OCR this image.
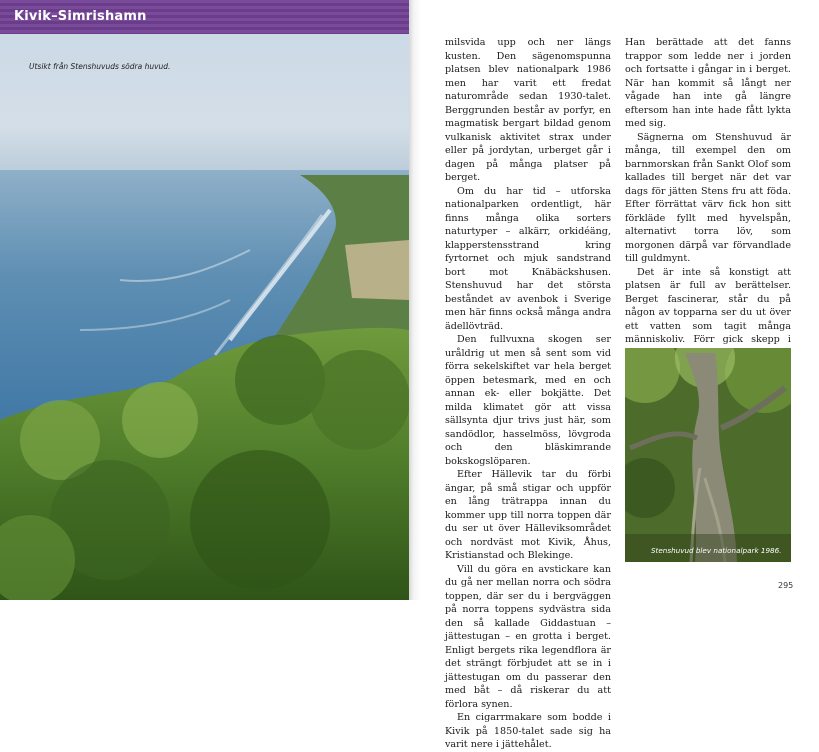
Kivik–Simrishamn
Utsikt från Stenshuvuds södra huvud.

milsvida upp och ner längs kusten. Den sägenomspunna platsen blev nationalpark 1986 men har varit ett fredat naturområde sedan 1930-talet. Berggrunden består av porfyr, en magmatisk bergart bildad genom vulkanisk aktivitet strax under eller på jordytan, urberget går i dagen på många platser på berget.

Om du har tid – utforska nationalparken ordentligt, här finns många olika sorters naturtyper – alkärr, orkidéäng, klapperstensstrand kring fyrtornet och mjuk sandstrand bort mot Knäbäckshusen. Stenshuvud har det största beståndet av avenbok i Sverige men här finns också många andra ädellövträd.

Den fullvuxna skogen ser uråldrig ut men så sent som vid förra sekelskiftet var hela berget öppen betesmark, med en och annan ek- eller bokjätte. Det milda klimatet gör att vissa sällsynta djur trivs just här, som sandödlor, hasselmöss, lövgroda och den bläskimrande bokskogslöparen.

Efter Hällevik tar du förbi ängar, på små stigar och uppför en lång trätrappa innan du kommer upp till norra toppen där du ser ut över Hälleviksområdet och nordväst mot Kivik, Åhus, Kristianstad och Blekinge.

Vill du göra en avstickare kan du gå ner mellan norra och södra toppen, där ser du i bergväggen på norra toppens sydvästra sida den så kallade Giddastuan – jättestugan – en grotta i berget. Enligt bergets rika legendflora är det strängt förbjudet att se in i jättestugan om du passerar den med båt – då riskerar du att förlora synen.

En cigarrmakare som bodde i Kivik på 1850-talet sade sig ha varit nere i jättehålet.

Han berättade att det fanns trappor som ledde ner i jorden och fortsatte i gångar in i berget. När han kommit så långt ner vågade han inte gå längre eftersom han inte hade fått lykta med sig.

Sägnerna om Stenshuvud är många, till exempel den om barnmorskan från Sankt Olof som kallades till berget när det var dags för jätten Stens fru att föda. Efter förrättat värv fick hon sitt förkläde fyllt med hyvelspån, alternativt torra löv, som morgonen därpå var förvandlade till guldmynt.

Det är inte så konstigt att platsen är full av berättelser. Berget fascinerar, står du på någon av topparna ser du ut över ett vatten som tagit många människoliv. Förr gick skepp i

Stenshuvud blev nationalpark 1986.
295
